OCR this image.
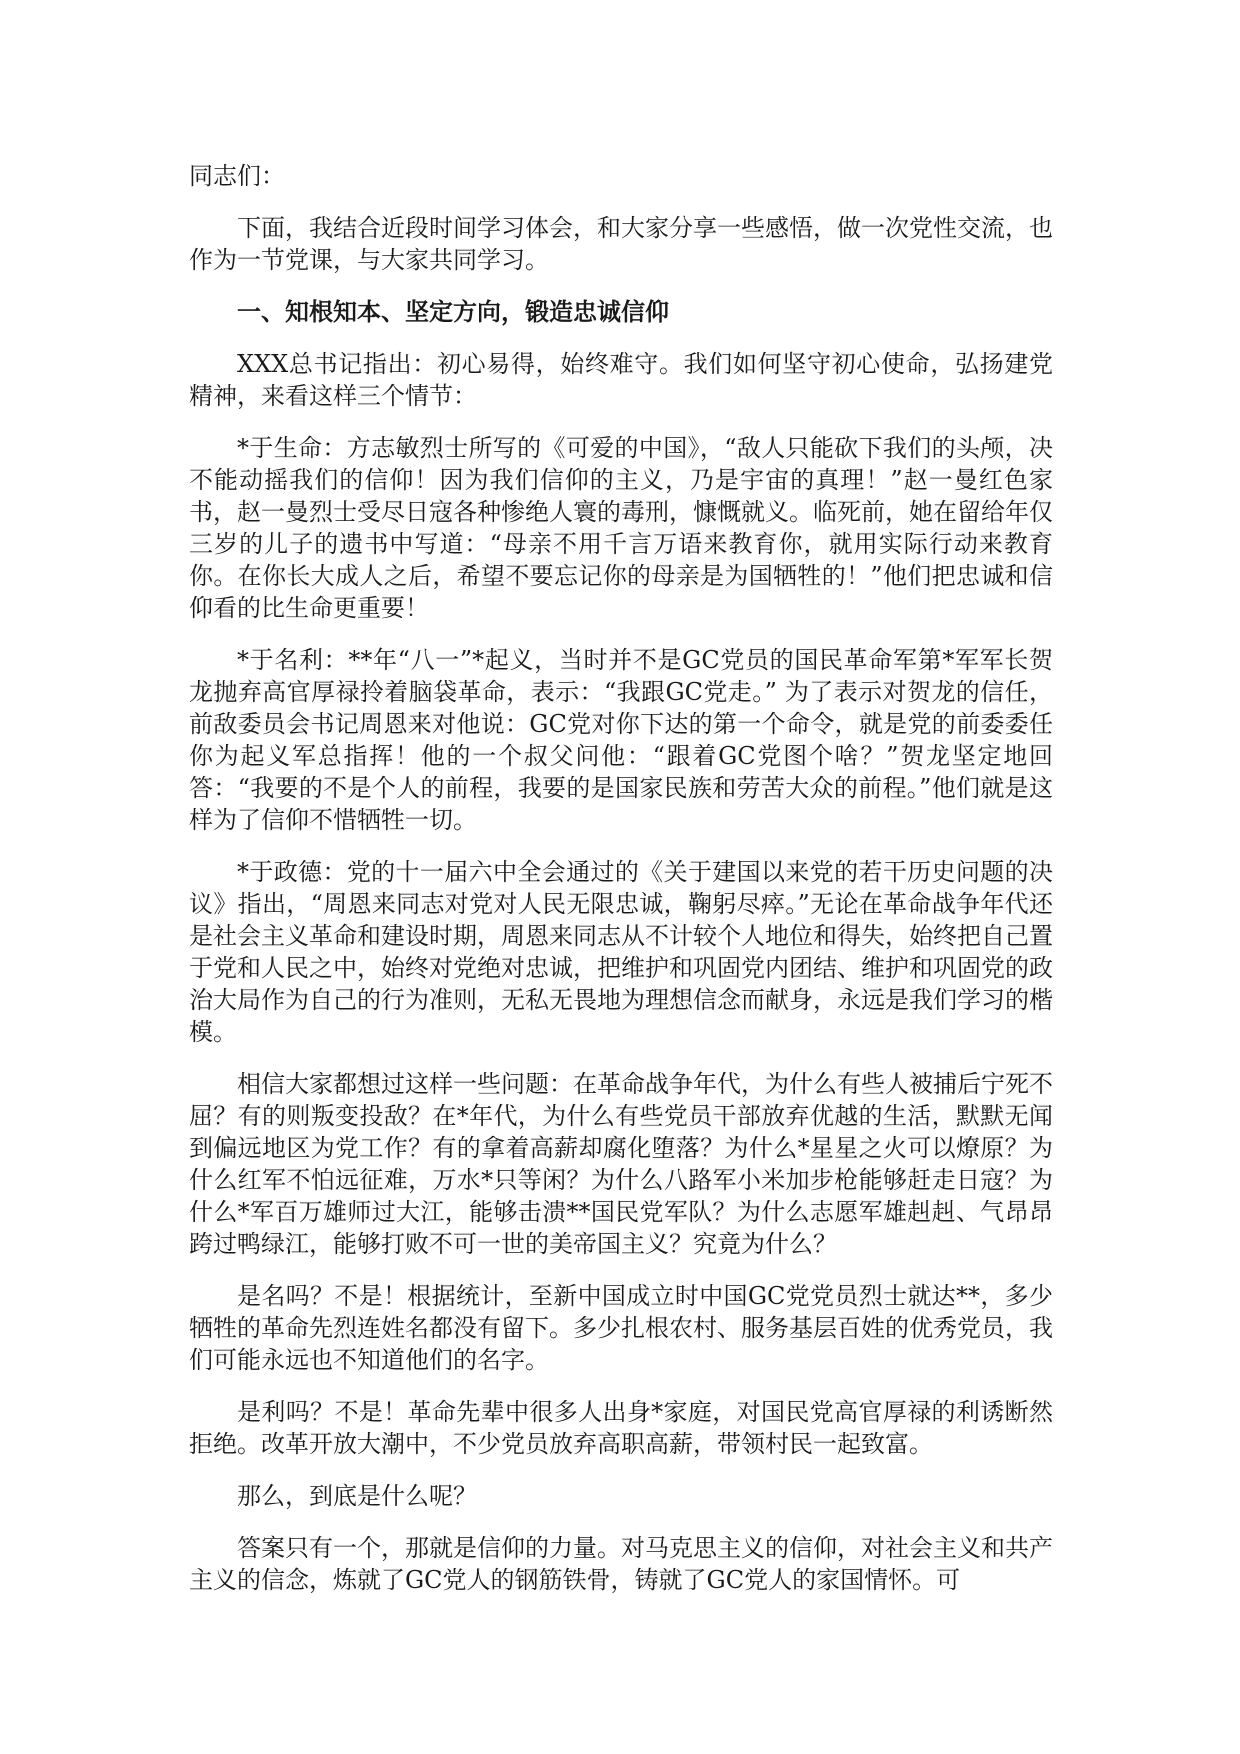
同志们：

下面，我结合近段时间学习体会，和大家分享一些感悟，做一次党性交流，也作为一节党课，与大家共同学习。

一、知根知本、坚定方向，锻造忠诚信仰

XXX总书记指出：初心易得，始终难守。我们如何坚守初心使命，弘扬建党精神，来看这样三个情节：

*于生命：方志敏烈士所写的《可爱的中国》，“敌人只能砍下我们的头颅，决不能动摇我们的信仰！因为我们信仰的主义，乃是宇宙的真理！”赵一曼红色家书，赵一曼烈士受尽日寇各种惨绝人寰的毒刑，慷慨就义。临死前，她在留给年仅三岁的儿子的遗书中写道：“母亲不用千言万语来教育你，就用实际行动来教育你。在你长大成人之后，希望不要忘记你的母亲是为国牺牲的！”他们把忠诚和信仰看的比生命更重要！

*于名利：**年“八一”*起义，当时并不是GC党员的国民革命军第*军军长贺龙抛弃高官厚禄拎着脑袋革命，表示：“我跟GC党走。” 为了表示对贺龙的信任，前敌委员会书记周恩来对他说：GC党对你下达的第一个命令，就是党的前委委任你为起义军总指挥！他的一个叔父问他：“跟着GC党图个啥？”贺龙坚定地回答：“我要的不是个人的前程，我要的是国家民族和劳苦大众的前程。”他们就是这样为了信仰不惜牺牲一切。

*于政德：党的十一届六中全会通过的《关于建国以来党的若干历史问题的决议》指出，“周恩来同志对党对人民无限忠诚，鞠躬尽瘁。”无论在革命战争年代还是社会主义革命和建设时期，周恩来同志从不计较个人地位和得失，始终把自己置于党和人民之中，始终对党绝对忠诚，把维护和巩固党内团结、维护和巩固党的政治大局作为自己的行为准则，无私无畏地为理想信念而献身，永远是我们学习的楷模。

相信大家都想过这样一些问题：在革命战争年代，为什么有些人被捕后宁死不屈？有的则叛变投敌？在*年代，为什么有些党员干部放弃优越的生活，默默无闻到偏远地区为党工作？有的拿着高薪却腐化堕落？为什么*星星之火可以燎原？为什么红军不怕远征难，万水*只等闲？为什么八路军小米加步枪能够赶走日寇？为什么*军百万雄师过大江，能够击溃**国民党军队？为什么志愿军雄赳赳、气昂昂跨过鸭绿江，能够打败不可一世的美帝国主义？究竟为什么？

是名吗？不是！根据统计，至新中国成立时中国GC党党员烈士就达**，多少牺牲的革命先烈连姓名都没有留下。多少扎根农村、服务基层百姓的优秀党员，我们可能永远也不知道他们的名字。

是利吗？不是！革命先辈中很多人出身*家庭，对国民党高官厚禄的利诱断然拒绝。改革开放大潮中，不少党员放弃高职高薪，带领村民一起致富。

那么，到底是什么呢？

答案只有一个，那就是信仰的力量。对马克思主义的信仰，对社会主义和共产主义的信念，炼就了GC党人的钢筋铁骨，铸就了GC党人的家国情怀。可
